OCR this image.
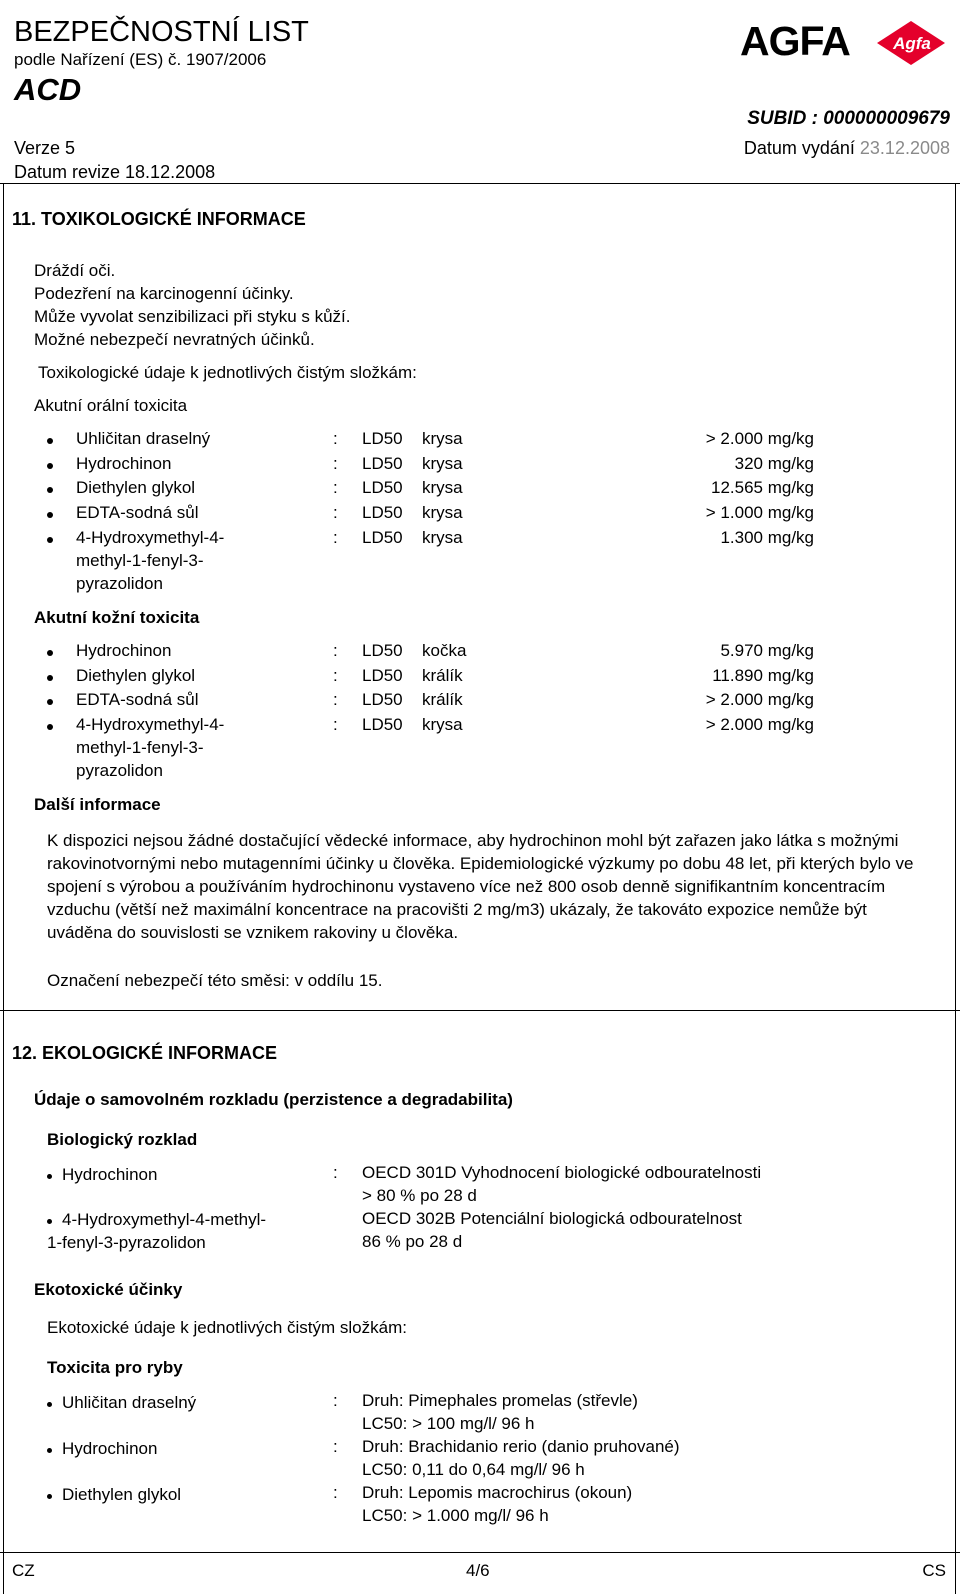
BEZPEČNOSTNÍ LIST
podle Nařízení (ES) č. 1907/2006
ACD
AGFA	Agfa
SUBID : 000000009679
Verze 5
Datum revize 18.12.2008
Datum vydání 23.12.2008
11. TOXIKOLOGICKÉ INFORMACE
Dráždí oči.
Podezření na karcinogenní účinky.
Může vyvolat senzibilizaci při styku s kůží.
Možné nebezpečí nevratných účinků.
Toxikologické údaje k jednotlivých čistým složkám:
Akutní orální toxicita
Uhličitan draselný	: LD50 krysa	> 2.000 mg/kg
Hydrochinon	: LD50 krysa	320 mg/kg
Diethylen glykol	: LD50 krysa	12.565 mg/kg
EDTA-sodná sůl	: LD50 krysa	> 1.000 mg/kg
4-Hydroxymethyl-4-
methyl-1-fenyl-3-
pyrazolidon
: LD50 krysa	1.300 mg/kg
Akutní kožní toxicita
Hydrochinon	: LD50 kočka	5.970 mg/kg
Diethylen glykol	: LD50 králík	11.890 mg/kg
EDTA-sodná sůl	: LD50 králík	> 2.000 mg/kg
4-Hydroxymethyl-4-
methyl-1-fenyl-3-
pyrazolidon
: LD50 krysa	> 2.000 mg/kg
Další informace
K dispozici nejsou žádné dostačující vědecké informace, aby hydrochinon mohl být zařazen jako látka s možnými rakovinotvornými nebo mutagenními účinky u člověka. Epidemiologické výzkumy po dobu 48 let, při kterých bylo ve spojení s výrobou a používáním hydrochinonu vystaveno více než 800 osob denně signifikantním koncentracím vzduchu (větší než maximální koncentrace na pracovišti 2 mg/m3) ukázaly, že takováto expozice nemůže být uváděna do souvislosti se vznikem rakoviny u člověka.
Označení nebezpečí této směsi: v oddílu 15.
12. EKOLOGICKÉ INFORMACE
Údaje o samovolném rozkladu (perzistence a degradabilita)
Biologický rozklad
Hydrochinon	: OECD 301D Vyhodnocení biologické odbouratelnosti
> 80 % po 28 d
4-Hydroxymethyl-4-methyl-
1-fenyl-3-pyrazolidon
OECD 302B Potenciální biologická odbouratelnost
86 % po 28 d
Ekotoxické účinky
Ekotoxické údaje k jednotlivých čistým složkám:
Toxicita pro ryby
Uhličitan draselný	: Druh: Pimephales promelas (střevle)
LC50: > 100 mg/l/ 96 h
Hydrochinon	: Druh: Brachidanio rerio (danio pruhované)
LC50: 0,11 do 0,64 mg/l/ 96 h
Diethylen glykol	: Druh: Lepomis macrochirus (okoun)
LC50: > 1.000 mg/l/ 96 h
CZ	4/6	CS
